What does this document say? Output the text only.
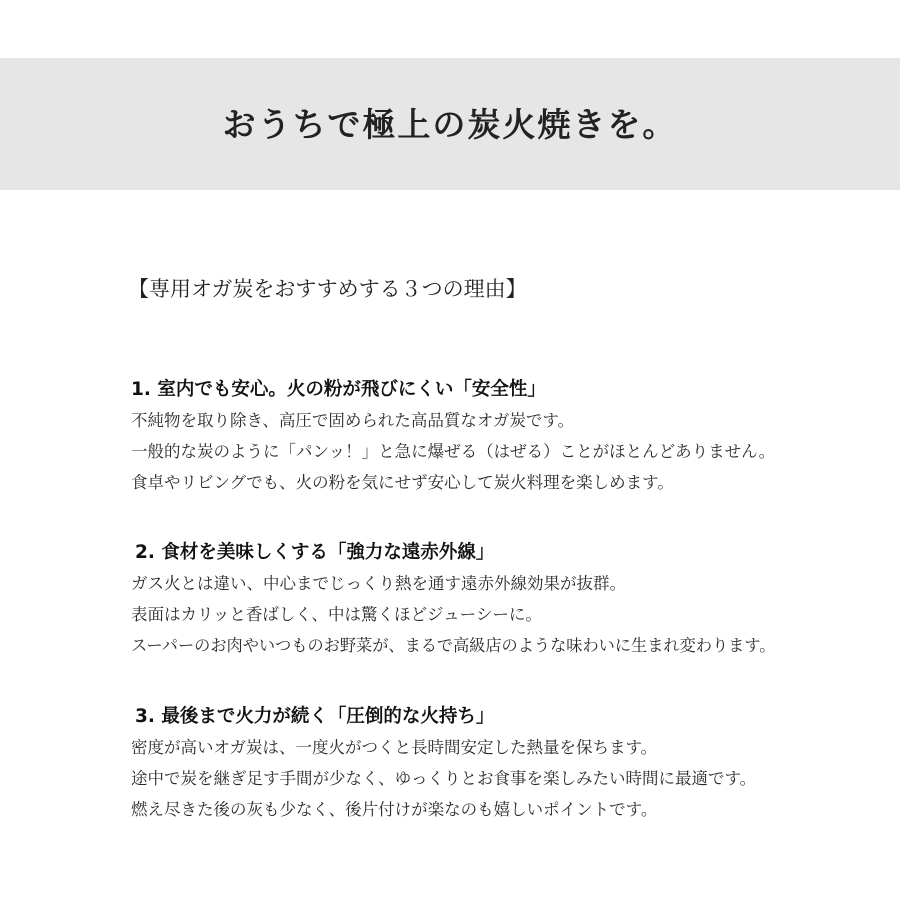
おうちで極上の炭火焼きを。
【専用オガ炭をおすすめする３つの理由】
1. 室内でも安心。火の粉が飛びにくい「安全性」
不純物を取り除き、高圧で固められた高品質なオガ炭です。
一般的な炭のように「パンッ！」と急に爆ぜる（はぜる）ことがほとんどありません。
食卓やリビングでも、火の粉を気にせず安心して炭火料理を楽しめます。
2. 食材を美味しくする「強力な遠赤外線」
ガス火とは違い、中心までじっくり熱を通す遠赤外線効果が抜群。
表面はカリッと香ばしく、中は驚くほどジューシーに。
スーパーのお肉やいつものお野菜が、まるで高級店のような味わいに生まれ変わります。
3. 最後まで火力が続く「圧倒的な火持ち」
密度が高いオガ炭は、一度火がつくと長時間安定した熱量を保ちます。
途中で炭を継ぎ足す手間が少なく、ゆっくりとお食事を楽しみたい時間に最適です。
燃え尽きた後の灰も少なく、後片付けが楽なのも嬉しいポイントです。
